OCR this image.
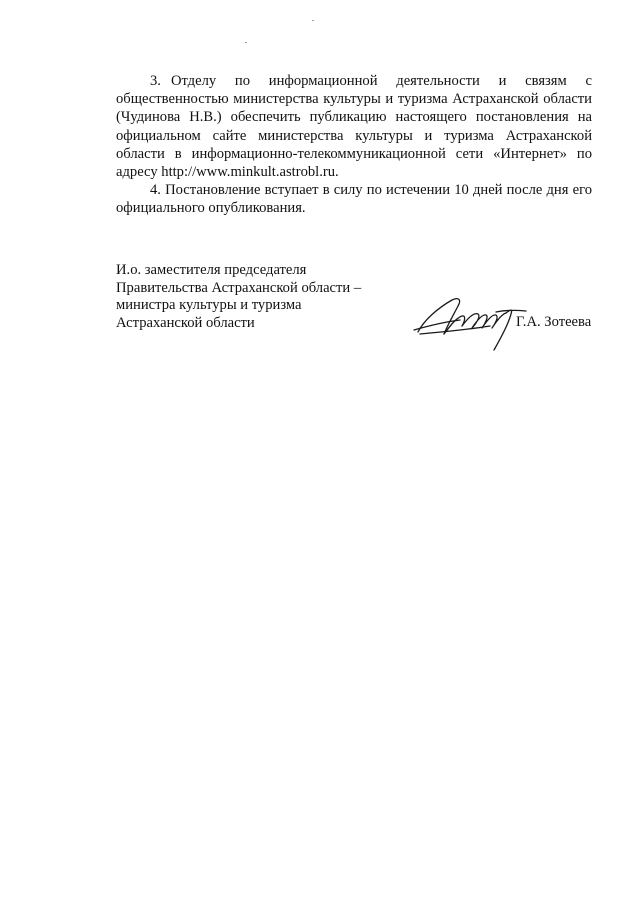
3. Отделу по информационной деятельности и связям с общественностью министерства культуры и туризма Астраханской области (Чудинова Н.В.) обеспечить публикацию настоящего постановления на официальном сайте министерства культуры и туризма Астраханской области в информационно-телекоммуникационной сети «Интернет» по адресу http://www.minkult.astrobl.ru.

4. Постановление вступает в силу по истечении 10 дней после дня его официального опубликования.

И.о. заместителя председателя
Правительства Астраханской области –
министра культуры и туризма
Астраханской области	Г.А. Зотеева
